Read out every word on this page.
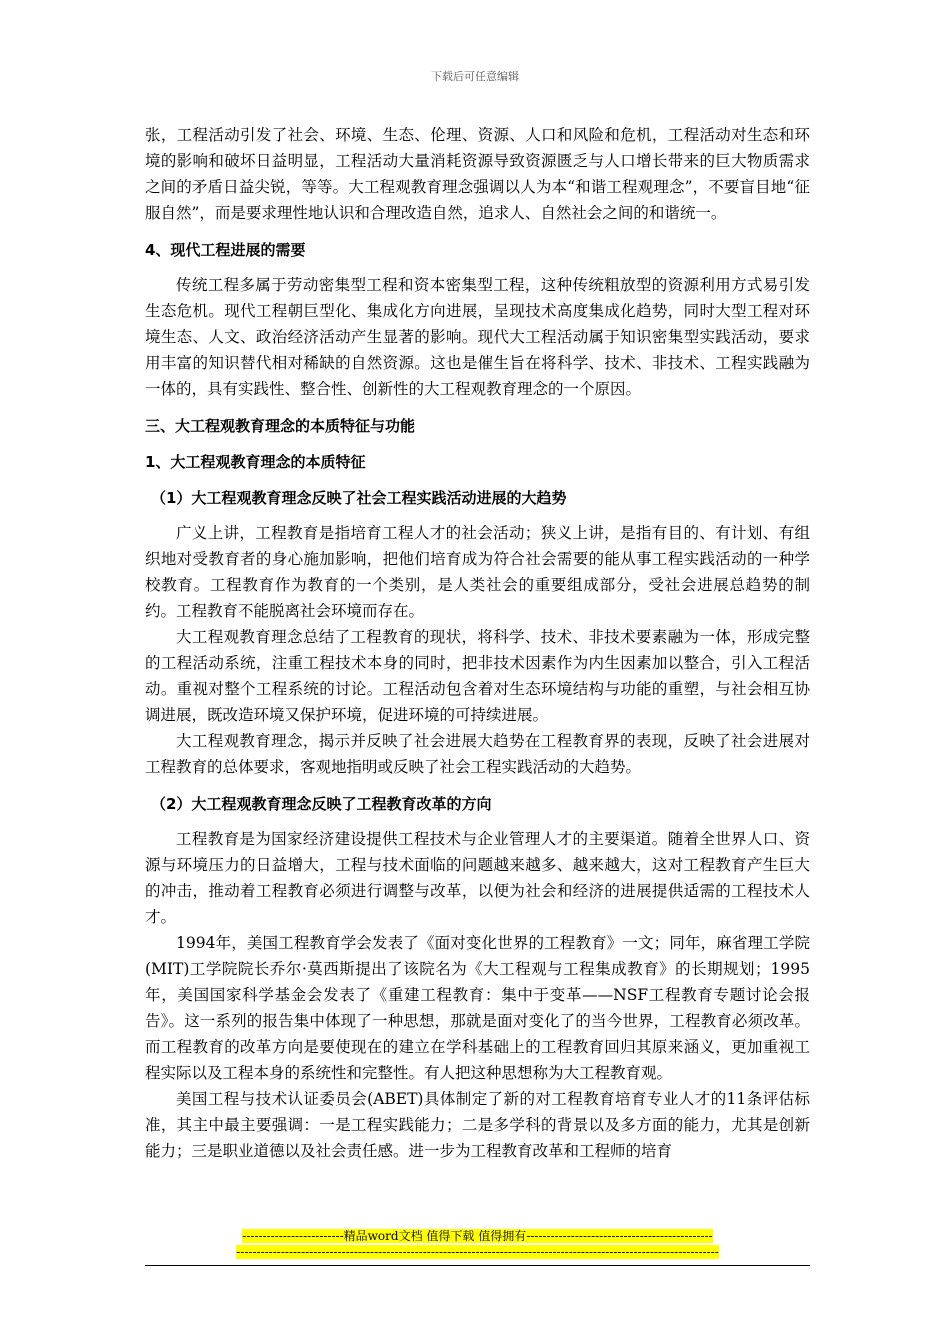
下载后可任意编辑

张，工程活动引发了社会、环境、生态、伦理、资源、人口和风险和危机，工程活动对生态和环境的影响和破坏日益明显，工程活动大量消耗资源导致资源匮乏与人口增长带来的巨大物质需求之间的矛盾日益尖锐，等等。大工程观教育理念强调以人为本“和谐工程观理念”，不要盲目地“征服自然”，而是要求理性地认识和合理改造自然，追求人、自然社会之间的和谐统一。

4、现代工程进展的需要

传统工程多属于劳动密集型工程和资本密集型工程，这种传统粗放型的资源利用方式易引发生态危机。现代工程朝巨型化、集成化方向进展，呈现技术高度集成化趋势，同时大型工程对环境生态、人文、政治经济活动产生显著的影响。现代大工程活动属于知识密集型实践活动，要求用丰富的知识替代相对稀缺的自然资源。这也是催生旨在将科学、技术、非技术、工程实践融为一体的，具有实践性、整合性、创新性的大工程观教育理念的一个原因。

三、大工程观教育理念的本质特征与功能
1、大工程观教育理念的本质特征
（1）大工程观教育理念反映了社会工程实践活动进展的大趋势

广义上讲，工程教育是指培育工程人才的社会活动；狭义上讲，是指有目的、有计划、有组织地对受教育者的身心施加影响，把他们培育成为符合社会需要的能从事工程实践活动的一种学校教育。工程教育作为教育的一个类别，是人类社会的重要组成部分，受社会进展总趋势的制约。工程教育不能脱离社会环境而存在。

大工程观教育理念总结了工程教育的现状，将科学、技术、非技术要素融为一体，形成完整的工程活动系统，注重工程技术本身的同时，把非技术因素作为内生因素加以整合，引入工程活动。重视对整个工程系统的讨论。工程活动包含着对生态环境结构与功能的重塑，与社会相互协调进展，既改造环境又保护环境，促进环境的可持续进展。

大工程观教育理念，揭示并反映了社会进展大趋势在工程教育界的表现，反映了社会进展对工程教育的总体要求，客观地指明或反映了社会工程实践活动的大趋势。

（2）大工程观教育理念反映了工程教育改革的方向

工程教育是为国家经济建设提供工程技术与企业管理人才的主要渠道。随着全世界人口、资源与环境压力的日益增大，工程与技术面临的问题越来越多、越来越大，这对工程教育产生巨大的冲击，推动着工程教育必须进行调整与改革，以便为社会和经济的进展提供适需的工程技术人才。

1994年，美国工程教育学会发表了《面对变化世界的工程教育》一文；同年，麻省理工学院(MIT)工学院院长乔尔·莫西斯提出了该院名为《大工程观与工程集成教育》的长期规划；1995年，美国国家科学基金会发表了《重建工程教育：集中于变革——NSF工程教育专题讨论会报告》。这一系列的报告集中体现了一种思想，那就是面对变化了的当今世界，工程教育必须改革。而工程教育的改革方向是要使现在的建立在学科基础上的工程教育回归其原来涵义，更加重视工程实际以及工程本身的系统性和完整性。有人把这种思想称为大工程教育观。

美国工程与技术认证委员会(ABET)具体制定了新的对工程教育培育专业人才的11条评估标准，其主中最主要强调：一是工程实践能力；二是多学科的背景以及多方面的能力，尤其是创新能力；三是职业道德以及社会责任感。进一步为工程教育改革和工程师的培育

-------------------------精品word文档 值得下载 值得拥有----------------------------------------------
-----------------------------------------------------------------------------------------------------------------------
